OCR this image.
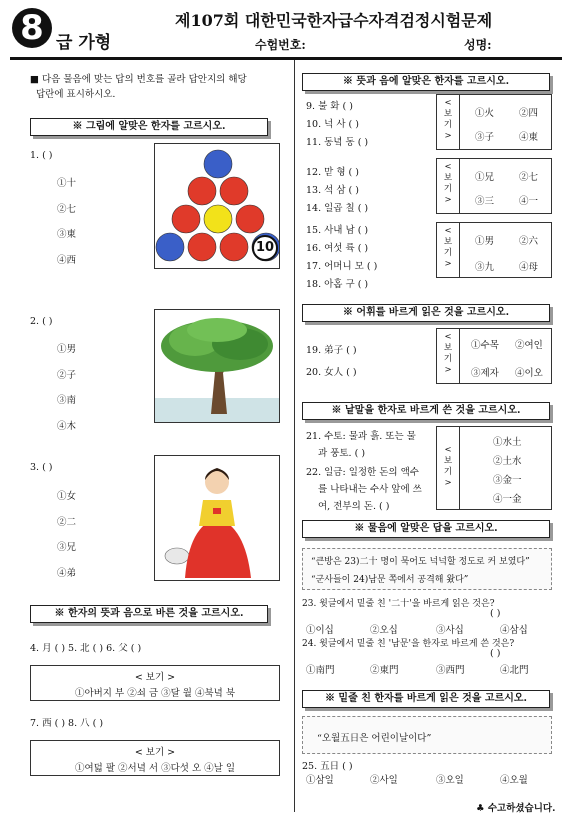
8 급 가형
제107회 대한민국한자급수자격검정시험문제
수험번호:	성명:
■ 다음 물음에 맞는 답의 번호를 골라 답안지의 해당
답란에 표시하시오.
※ 그림에 알맞은 한자를 고르시오.
1. ( )
①十
②七
③東
④西
10
2. ( )
①男
②子
③南
④木
3. ( )
①女
②二
③兄
④弟
※ 한자의 뜻과 음으로 바른 것을 고르시오.
4. 月 ( ) 5. 北 ( ) 6. 父 ( )
< 보기 >
①아버지 부 ②쇠 금 ③달 월 ④북녘 북
7. 西 ( ) 8. 八 ( )
< 보기 >
①여덟 팔 ②서녘 서 ③다섯 오 ④날 일
※ 뜻과 음에 알맞은 한자를 고르시오.
9. 불 화 ( )
10. 넉 사 ( )
11. 동녘 동 ( )
<
보
기
>
①火	②四
③子	④東
12. 맏 형 ( )
13. 석 삼 ( )
14. 일곱 칠 ( )
<
보
기
>
①兄	②七
③三	④一
15. 사내 남 ( )
16. 여섯 륙 ( )
17. 어머니 모 ( )
18. 아홉 구 ( )
<
보
기
>
①男	②六
③九	④母
※ 어휘를 바르게 읽은 것을 고르시오.
19. 弟子 ( )
20. 女人 ( )
<
보
기
>
①수목 ②여인
③제자 ④이오
※ 낱말을 한자로 바르게 쓴 것을 고르시오.
21. 수토: 물과 흙. 또는 물
과 풍토. ( )
22. 일금: 일정한 돈의 액수
를 나타내는 수사 앞에 쓰
여, 전부의 돈. ( )
<
보
기
>
①水土
②土水
③金一
④一金
※ 물음에 알맞은 답을 고르시오.
“큰방은 23)二十 명이 묵어도 넉넉할 정도로 커 보였다”
“군사들이 24)남문 쪽에서 공격해 왔다”
23. 윗글에서 밑줄 친 '二十'을 바르게 읽은 것은?
( )
①이십	②오십	③사십	④삼십
24. 윗글에서 밑줄 친 '남문'을 한자로 바르게 쓴 것은?
( )
①南門	②東門	③西門	④北門
※ 밑줄 친 한자를 바르게 읽은 것을 고르시오.
“오월五日은 어린이날이다”
25. 五日 ( )
①삼일	②사일	③오일	④오월
♣ 수고하셨습니다.
